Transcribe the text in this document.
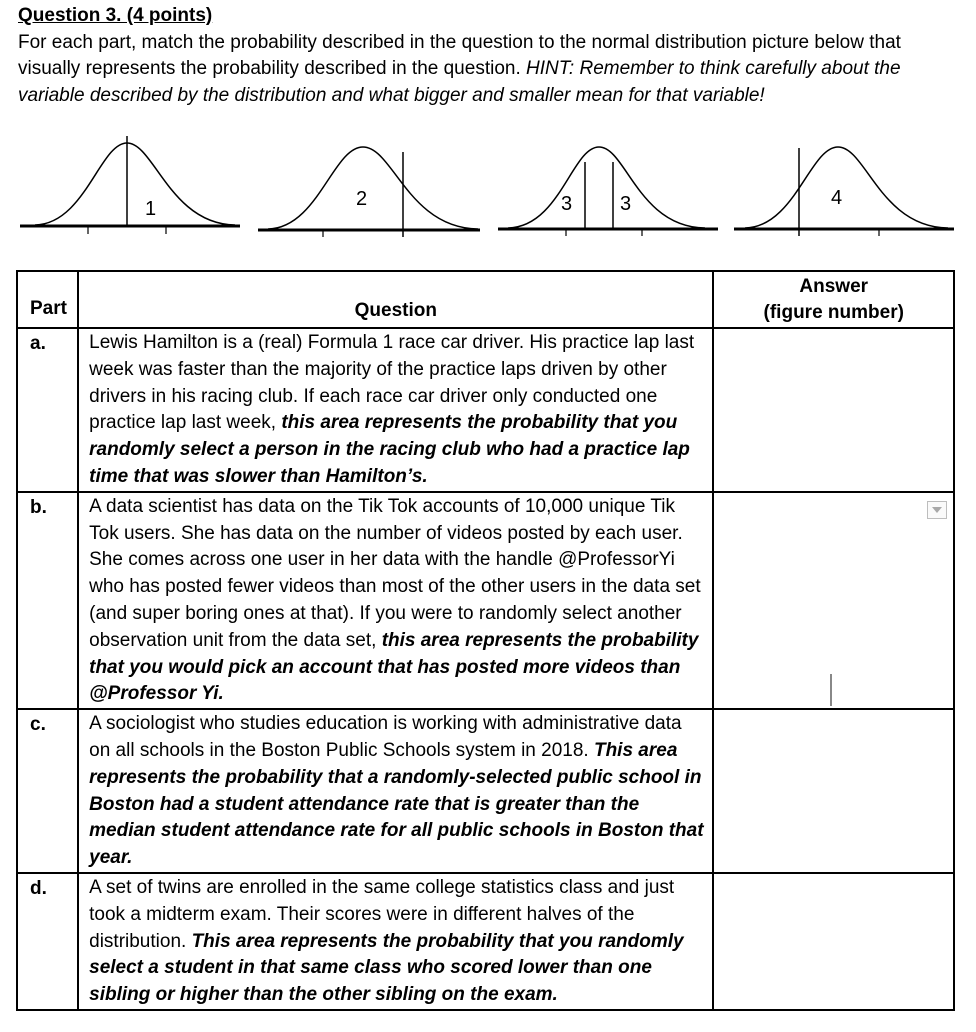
Question 3. (4 points)
For each part, match the probability described in the question to the normal distribution picture below that visually represents the probability described in the question. HINT: Remember to think carefully about the variable described by the distribution and what bigger and smaller mean for that variable!
1	2	3 3	4
Part	Question	Answer
(figure number)

a.	Lewis Hamilton is a (real) Formula 1 race car driver. His practice lap last week was faster than the majority of the practice laps driven by other drivers in his racing club. If each race car driver only conducted one practice lap last week, this area represents the probability that you randomly select a person in the racing club who had a practice lap time that was slower than Hamilton’s.	
b.	A data scientist has data on the Tik Tok accounts of 10,000 unique Tik Tok users. She has data on the number of videos posted by each user. She comes across one user in her data with the handle @ProfessorYi who has posted fewer videos than most of the other users in the data set (and super boring ones at that). If you were to randomly select another observation unit from the data set, this area represents the probability that you would pick an account that has posted more videos than @Professor Yi.	

c.	A sociologist who studies education is working with administrative data on all schools in the Boston Public Schools system in 2018. This area represents the probability that a randomly-selected public school in Boston had a student attendance rate that is greater than the median student attendance rate for all public schools in Boston that year.	
d.	A set of twins are enrolled in the same college statistics class and just took a midterm exam. Their scores were in different halves of the distribution. This area represents the probability that you randomly select a student in that same class who scored lower than one sibling or higher than the other sibling on the exam.	
